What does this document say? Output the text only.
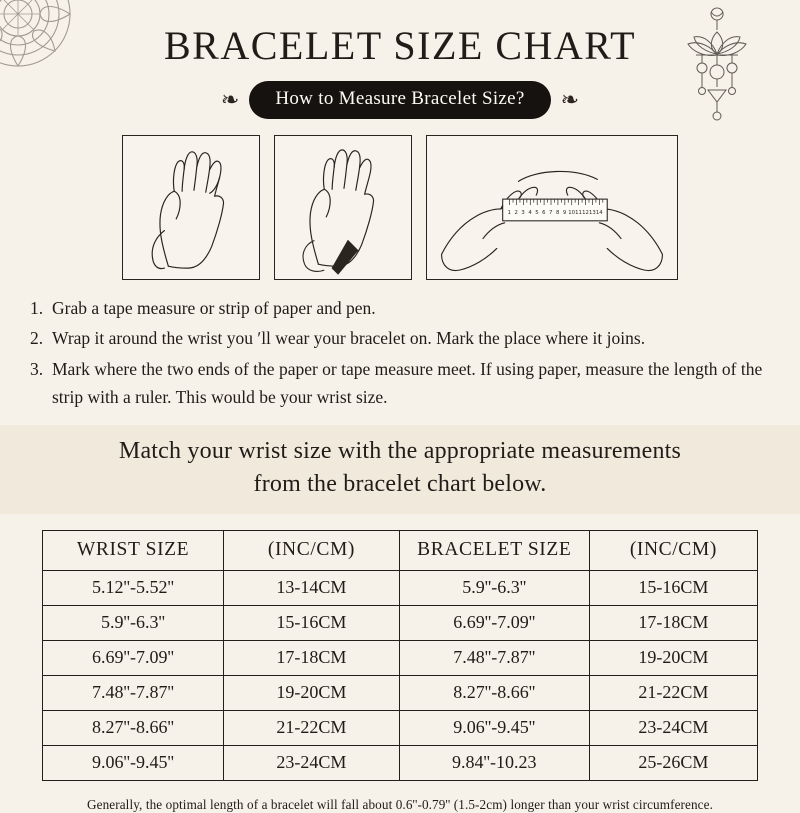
BRACELET SIZE CHART
❧	How to Measure Bracelet Size?	❧
1 2 3 4 5 6 7 8 9 10 11 12 13 14
1. Grab a tape measure or strip of paper and pen.
2. Wrap it around the wrist you ʹll wear your bracelet on. Mark the place where it joins.
3. Mark where the two ends of the paper or tape measure meet. If using paper, measure the length of the strip with a ruler. This would be your wrist size.
Match your wrist size with the appropriate measurements
from the bracelet chart below.
WRIST SIZE	(INC/CM)	BRACELET SIZE	(INC/CM)
5.12''-5.52''	13-14CM	5.9''-6.3''	15-16CM
5.9''-6.3''	15-16CM	6.69''-7.09''	17-18CM
6.69''-7.09''	17-18CM	7.48''-7.87''	19-20CM
7.48''-7.87''	19-20CM	8.27''-8.66''	21-22CM
8.27''-8.66''	21-22CM	9.06''-9.45''	23-24CM
9.06''-9.45''	23-24CM	9.84''-10.23	25-26CM
Generally, the optimal length of a bracelet will fall about 0.6''-0.79'' (1.5-2cm) longer than your wrist circumference.
